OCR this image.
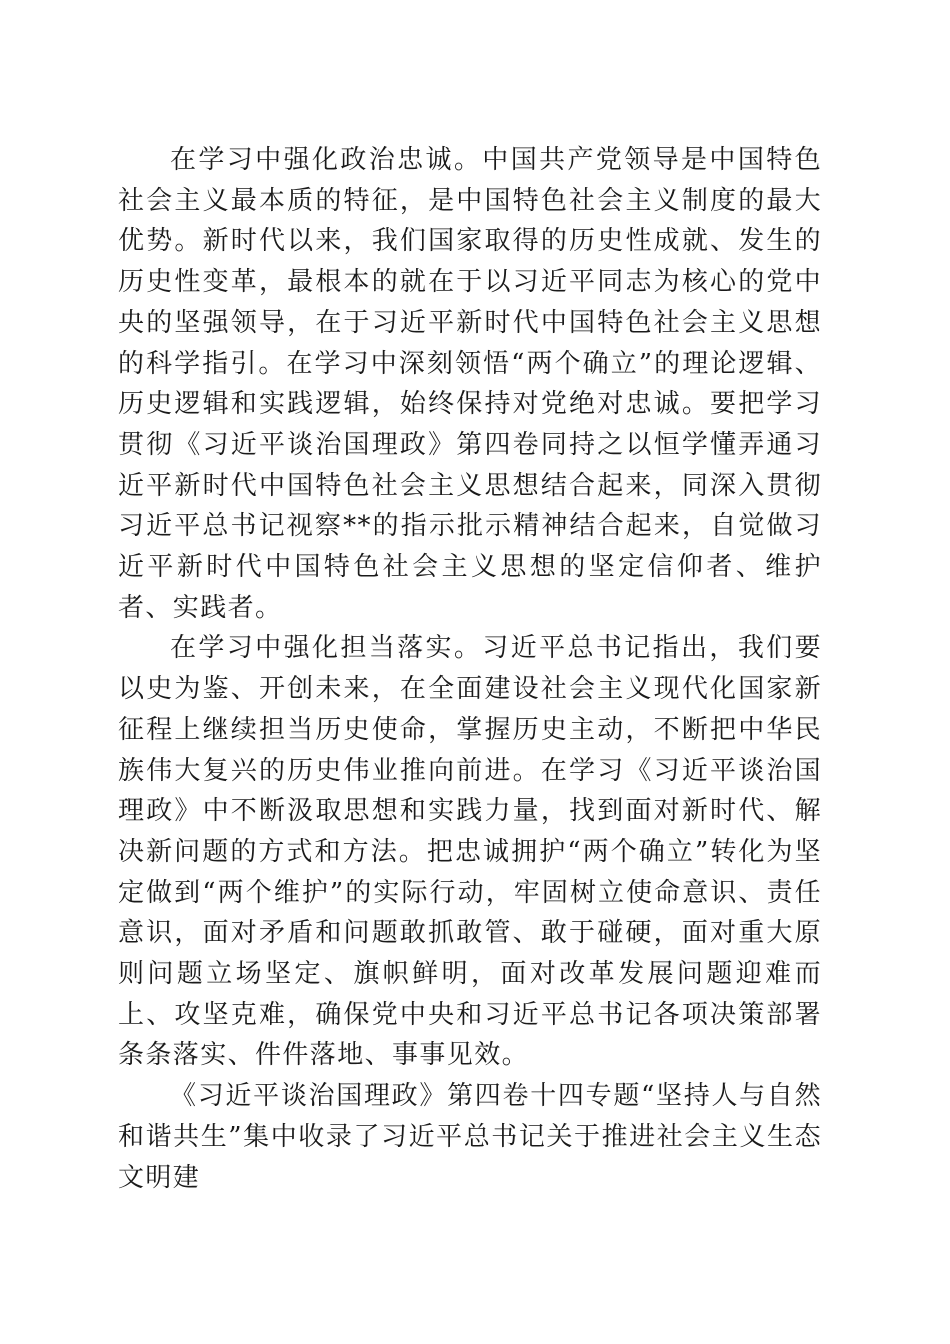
在学习中强化政治忠诚。中国共产党领导是中国特色社会主义最本质的特征，是中国特色社会主义制度的最大优势。新时代以来，我们国家取得的历史性成就、发生的历史性变革，最根本的就在于以习近平同志为核心的党中央的坚强领导，在于习近平新时代中国特色社会主义思想的科学指引。在学习中深刻领悟“两个确立”的理论逻辑、历史逻辑和实践逻辑，始终保持对党绝对忠诚。要把学习贯彻《习近平谈治国理政》第四卷同持之以恒学懂弄通习近平新时代中国特色社会主义思想结合起来，同深入贯彻习近平总书记视察**的指示批示精神结合起来，自觉做习近平新时代中国特色社会主义思想的坚定信仰者、维护者、实践者。

在学习中强化担当落实。习近平总书记指出，我们要以史为鉴、开创未来，在全面建设社会主义现代化国家新征程上继续担当历史使命，掌握历史主动，不断把中华民族伟大复兴的历史伟业推向前进。在学习《习近平谈治国理政》中不断汲取思想和实践力量，找到面对新时代、解决新问题的方式和方法。把忠诚拥护“两个确立”转化为坚定做到“两个维护”的实际行动，牢固树立使命意识、责任意识，面对矛盾和问题敢抓敢管、敢于碰硬，面对重大原则问题立场坚定、旗帜鲜明，面对改革发展问题迎难而上、攻坚克难，确保党中央和习近平总书记各项决策部署条条落实、件件落地、事事见效。

《习近平谈治国理政》第四卷十四专题“坚持人与自然和谐共生”集中收录了习近平总书记关于推进社会主义生态文明建
